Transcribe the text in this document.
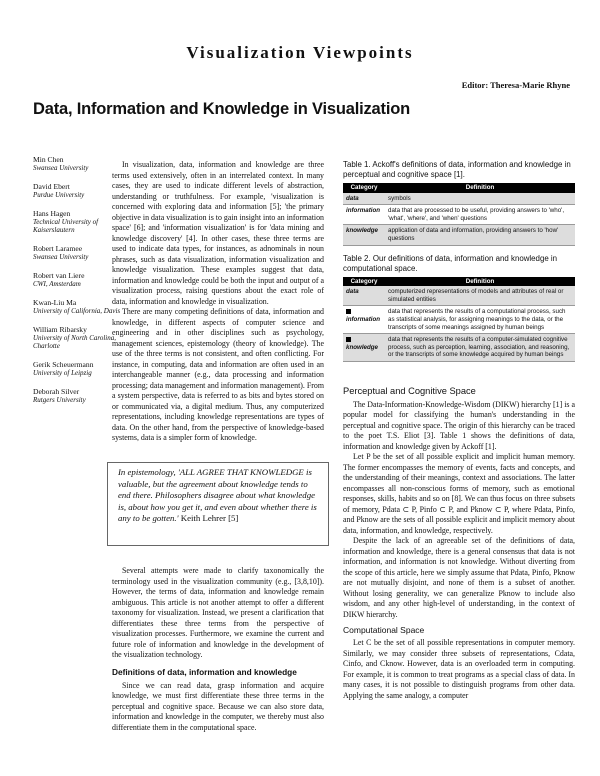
Visualization Viewpoints
Editor: Theresa-Marie Rhyne
Data, Information and Knowledge in Visualization
Min Chen
Swansea University
David Ebert
Purdue University
Hans Hagen
Technical University of Kaiserslautern
Robert Laramee
Swansea University
Robert van Liere
CWI, Amsterdam
Kwan-Liu Ma
University of California, Davis
William Ribarsky
University of North Carolina, Charlotte
Gerik Scheuermann
University of Leipzig
Deborah Silver
Rutgers University

In visualization, data, information and knowledge are three terms used extensively, often in an interrelated context. In many cases, they are used to indicate different levels of abstraction, understanding or truthfulness. For example, 'visualization is concerned with exploring data and information [5]; 'the primary objective in data visualization is to gain insight into an information space' [6]; and 'information visualization' is for 'data mining and knowledge discovery' [4]. In other cases, these three terms are used to indicate data types, for instances, as adnominals in noun phrases, such as data visualization, information visualization and knowledge visualization. These examples suggest that data, information and knowledge could be both the input and output of a visualization process, raising questions about the exact role of data, information and knowledge in visualization.

There are many competing definitions of data, information and knowledge, in different aspects of computer science and engineering and in other disciplines such as psychology, management sciences, epistemology (theory of knowledge). The use of the three terms is not consistent, and often conflicting. For instance, in computing, data and information are often used in an interchangeable manner (e.g., data processing and information processing; data management and information management). From a system perspective, data is referred to as bits and bytes stored on or communicated via, a digital medium. Thus, any computerized representations, including knowledge representations are types of data. On the other hand, from the perspective of knowledge-based systems, data is a simpler form of knowledge.

In epistemology, 'ALL AGREE THAT KNOWLEDGE is valuable, but the agreement about knowledge tends to end there. Philosophers disagree about what knowledge is, about how you get it, and even about whether there is any to be gotten.' Keith Lehrer [5]

Several attempts were made to clarify taxonomically the terminology used in the visualization community (e.g., [3,8,10]). However, the terms of data, information and knowledge remain ambiguous. This article is not another attempt to offer a different taxonomy for visualization. Instead, we present a clarification that differentiates these three terms from the perspective of visualization processes. Furthermore, we examine the current and future role of information and knowledge in the development of the visualization technology.

Definitions of data, information and knowledge

Since we can read data, grasp information and acquire knowledge, we must first differentiate these three terms in the perceptual and cognitive space. Because we can also store data, information and knowledge in the computer, we thereby must also differentiate them in the computational space.

Table 1. Ackoff's definitions of data, information and knowledge in perceptual and cognitive space [1].
Category	Definition
data	symbols
information	data that are processed to be useful, providing answers to 'who', 'what', 'where', and 'when' questions
knowledge	application of data and information, providing answers to 'how' questions
Table 2. Our definitions of data, information and knowledge in computational space.
Category	Definition
data	computerized representations of models and attributes of real or simulated entities
information	data that represents the results of a computational process, such as statistical analysis, for assigning meanings to the data, or the transcripts of some meanings assigned by human beings
knowledge	data that represents the results of a computer-simulated cognitive process, such as perception, learning, association, and reasoning, or the transcripts of some knowledge acquired by human beings
Perceptual and Cognitive Space

The Data-Information-Knowledge-Wisdom (DIKW) hierarchy [1] is a popular model for classifying the human's understanding in the perceptual and cognitive space. The origin of this hierarchy can be traced to the poet T.S. Eliot [3]. Table 1 shows the definitions of data, information and knowledge given by Ackoff [1].

Let P be the set of all possible explicit and implicit human memory. The former encompasses the memory of events, facts and concepts, and the understanding of their meanings, context and associations. The latter encompasses all non-conscious forms of memory, such as emotional responses, skills, habits and so on [8]. We can thus focus on three subsets of memory, Pdata ⊂ P, Pinfo ⊂ P, and Pknow ⊂ P, where Pdata, Pinfo, and Pknow are the sets of all possible explicit and implicit memory about data, information, and knowledge, respectively.

Despite the lack of an agreeable set of the definitions of data, information and knowledge, there is a general consensus that data is not information, and information is not knowledge. Without diverting from the scope of this article, here we simply assume that Pdata, Pinfo, Pknow are not mutually disjoint, and none of them is a subset of another. Without losing generality, we can generalize Pknow to include also wisdom, and any other high-level of understanding, in the context of DIKW hierarchy.

Computational Space

Let C be the set of all possible representations in computer memory. Similarly, we may consider three subsets of representations, Cdata, Cinfo, and Cknow. However, data is an overloaded term in computing. For example, it is common to treat programs as a special class of data. In many cases, it is not possible to distinguish programs from other data. Applying the same analogy, a computer
